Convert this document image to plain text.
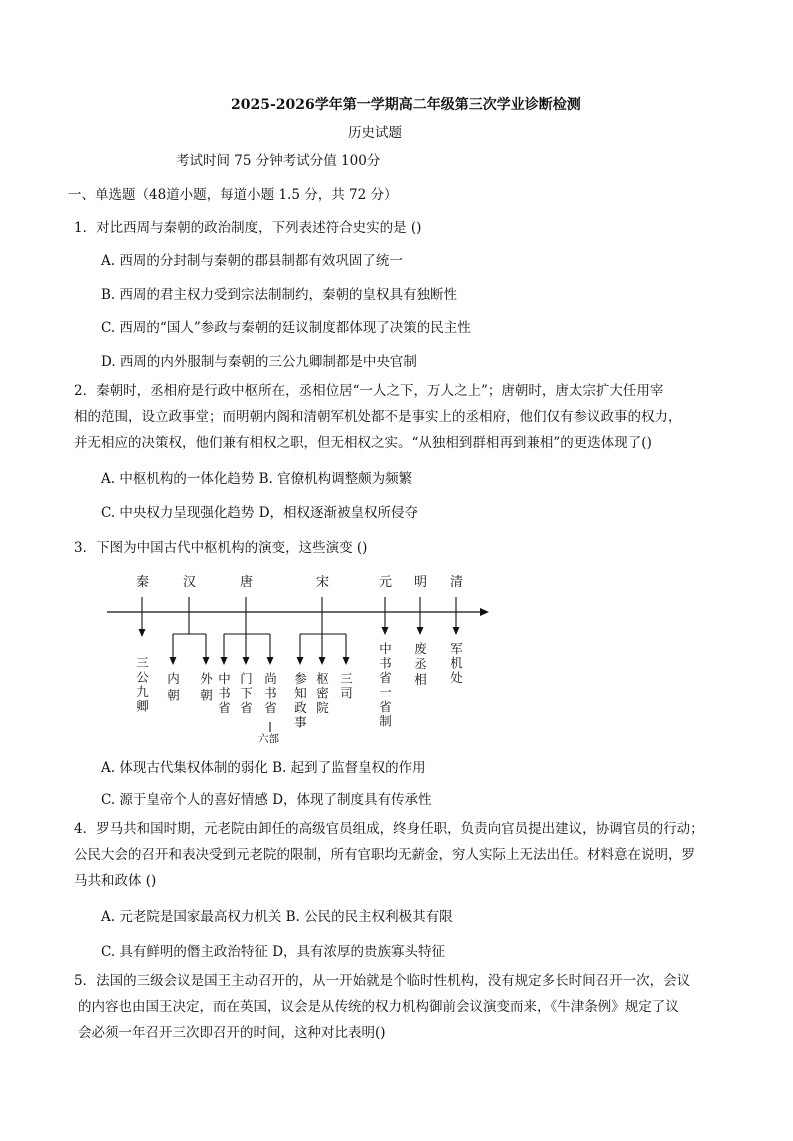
2025-2026学年第一学期高二年级第三次学业诊断检测
历史试题
考试时间 75 分钟考试分值 100分
一、单选题（48道小题，每道小题 1.5 分，共 72 分）
1．对比西周与秦朝的政治制度，下列表述符合史实的是 ()
A. 西周的分封制与秦朝的郡县制都有效巩固了统一
B. 西周的君主权力受到宗法制制约，秦朝的皇权具有独断性
C. 西周的“国人”参政与秦朝的廷议制度都体现了决策的民主性
D. 西周的内外服制与秦朝的三公九卿制都是中央官制
2．秦朝时，丞相府是行政中枢所在，丞相位居“一人之下，万人之上”；唐朝时，唐太宗扩大任用宰
相的范围，设立政事堂；而明朝内阁和清朝军机处都不是事实上的丞相府，他们仅有参议政事的权力，
并无相应的决策权，他们兼有相权之职，但无相权之实。“从独相到群相再到兼相”的更迭体现了()
A. 中枢机构的一体化趋势 B. 官僚机构调整颇为频繁
C. 中央权力呈现强化趋势 D，相权逐渐被皇权所侵夺
3．下图为中国古代中枢机构的演变，这些演变 ()
秦	汉	唐	宋	元 明 清
三公九卿 内朝 外朝 中书省 门下省 尚书省 参知政事 枢密院 三司 中书省一省制 废丞相 军机处
六部
A. 体现古代集权体制的弱化 B. 起到了监督皇权的作用
C. 源于皇帝个人的喜好情感 D，体现了制度具有传承性
4．罗马共和国时期，元老院由卸任的高级官员组成，终身任职，负责向官员提出建议，协调官员的行动；
公民大会的召开和表决受到元老院的限制，所有官职均无薪金，穷人实际上无法出任。材料意在说明，罗
马共和政体 ()
A. 元老院是国家最高权力机关 B. 公民的民主权利极其有限
C. 具有鲜明的僭主政治特征 D，具有浓厚的贵族寡头特征
5．法国的三级会议是国王主动召开的，从一开始就是个临时性机构，没有规定多长时间召开一次，会议
的内容也由国王决定，而在英国，议会是从传统的权力机构御前会议演变而来，《牛津条例》规定了议
会必须一年召开三次即召开的时间，这种对比表明()
